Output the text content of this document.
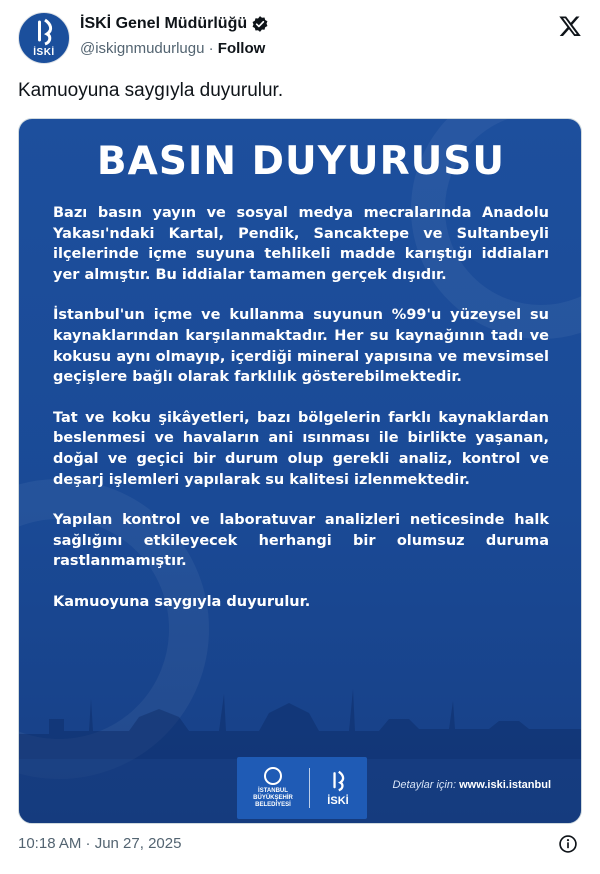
İSKİ
İSKİ Genel Müdürlüğü
@iskignmudurlugu · Follow
Kamuoyuna saygıyla duyurulur.
BASIN DUYURUSU

Bazı basın yayın ve sosyal medya mecralarında Anadolu Yakası'ndaki Kartal, Pendik, Sancaktepe ve Sultanbeyli ilçelerinde içme suyuna tehlikeli madde karıştığı iddiaları yer almıştır. Bu iddialar tamamen gerçek dışıdır.

İstanbul'un içme ve kullanma suyunun %99'u yüzeysel su kaynaklarından karşılanmaktadır. Her su kaynağının tadı ve kokusu aynı olmayıp, içerdiği mineral yapısına ve mevsimsel geçişlere bağlı olarak farklılık gösterebilmektedir.

Tat ve koku şikâyetleri, bazı bölgelerin farklı kaynaklardan beslenmesi ve havaların ani ısınması ile birlikte yaşanan, doğal ve geçici bir durum olup gerekli analiz, kontrol ve deşarj işlemleri yapılarak su kalitesi izlenmektedir.

Yapılan kontrol ve laboratuvar analizleri neticesinde halk sağlığını etkileyecek herhangi bir olumsuz duruma rastlanmamıştır.

Kamuoyuna saygıyla duyurulur.

İSTANBUL
BÜYÜKŞEHİR
BELEDİYESİ	İSKİ
Detaylar için: www.iski.istanbul
10:18 AM · Jun 27, 2025
